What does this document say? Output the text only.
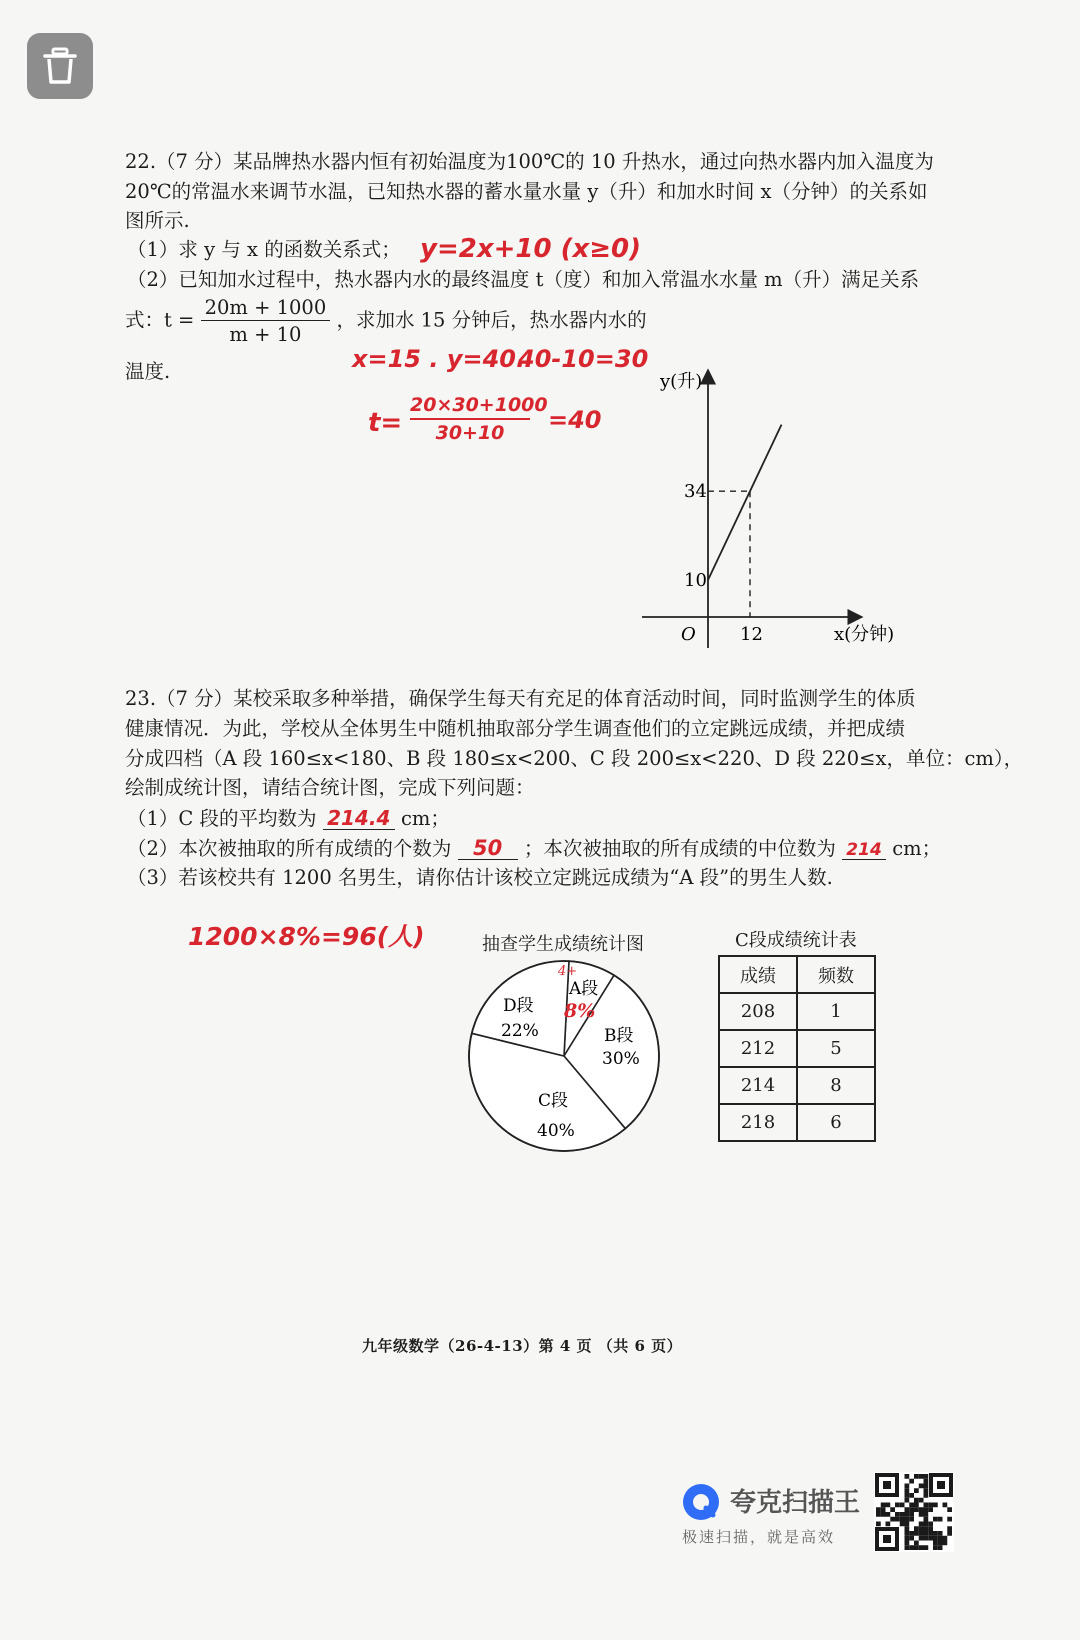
22.（7 分）某品牌热水器内恒有初始温度为100℃的 10 升热水，通过向热水器内加入温度为
20℃的常温水来调节水温，已知热水器的蓄水量水量 y（升）和加水时间 x（分钟）的关系如
图所示.
（1）求 y 与 x 的函数关系式；
（2）已知加水过程中，热水器内水的最终温度 t（度）和加入常温水水量 m（升）满足关系
式：$t = \frac{20m + 1000}{m + 10}$ ，求加水 15 分钟后，热水器内水的
温度.
y=2x+10 (x≥0)
x=15 . y=40.
40-10=30
$t= \frac{20\times 30+1000}{30+10} =40$
y(升)
x(分钟)
O
34
10
12
23.（7 分）某校采取多种举措，确保学生每天有充足的体育活动时间，同时监测学生的体质
健康情况．为此，学校从全体男生中随机抽取部分学生调查他们的立定跳远成绩，并把成绩
分成四档（A 段 160≤x<180、B 段 180≤x<200、C 段 200≤x<220、D 段 220≤x，单位：cm），
绘制成统计图，请结合统计图，完成下列问题：
（1）C 段的平均数为 214.4 cm；
（2）本次被抽取的所有成绩的个数为 50 ；本次被抽取的所有成绩的中位数为 214 cm；
（3）若该校共有 1200 名男生，请你估计该校立定跳远成绩为“A 段”的男生人数.
1200×8%=96(人)	抽查学生成绩统计图
4+
A段
8%
D段
22%	B段
30%
C段
40%
C段成绩统计表
成绩	频数
208	1
212	5
214	8
218	6
九年级数学（26-4-13）第 4 页 （共 6 页）
夸克扫描王
极速扫描，就是高效
